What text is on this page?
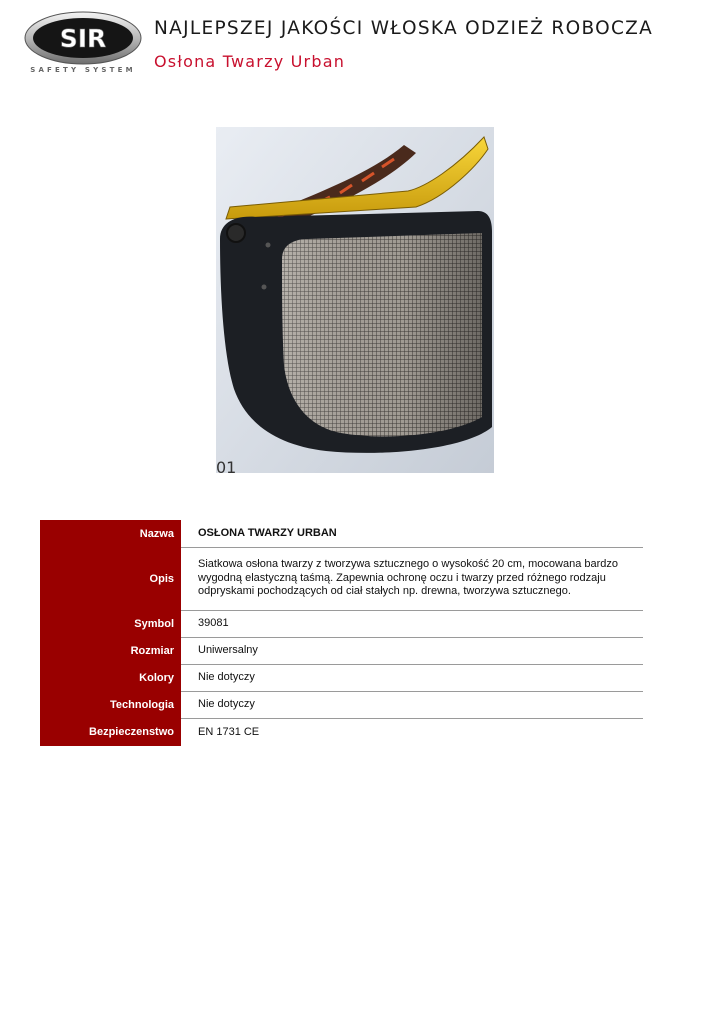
SIR
SAFETY SYSTEM
NAJLEPSZEJ JAKOŚCI WŁOSKA ODZIEŻ ROBOCZA
Osłona Twarzy Urban
01
Nazwa	OSŁONA TWARZY URBAN
Opis	Siatkowa osłona twarzy z tworzywa sztucznego o wysokość 20 cm, mocowana bardzo wygodną elastyczną taśmą. Zapewnia ochronę oczu i twarzy przed różnego rodzaju odpryskami pochodzących od ciał stałych np. drewna, tworzywa sztucznego.
Symbol	39081
Rozmiar	Uniwersalny
Kolory	Nie dotyczy
Technologia	Nie dotyczy
Bezpieczenstwo	EN 1731 CE
